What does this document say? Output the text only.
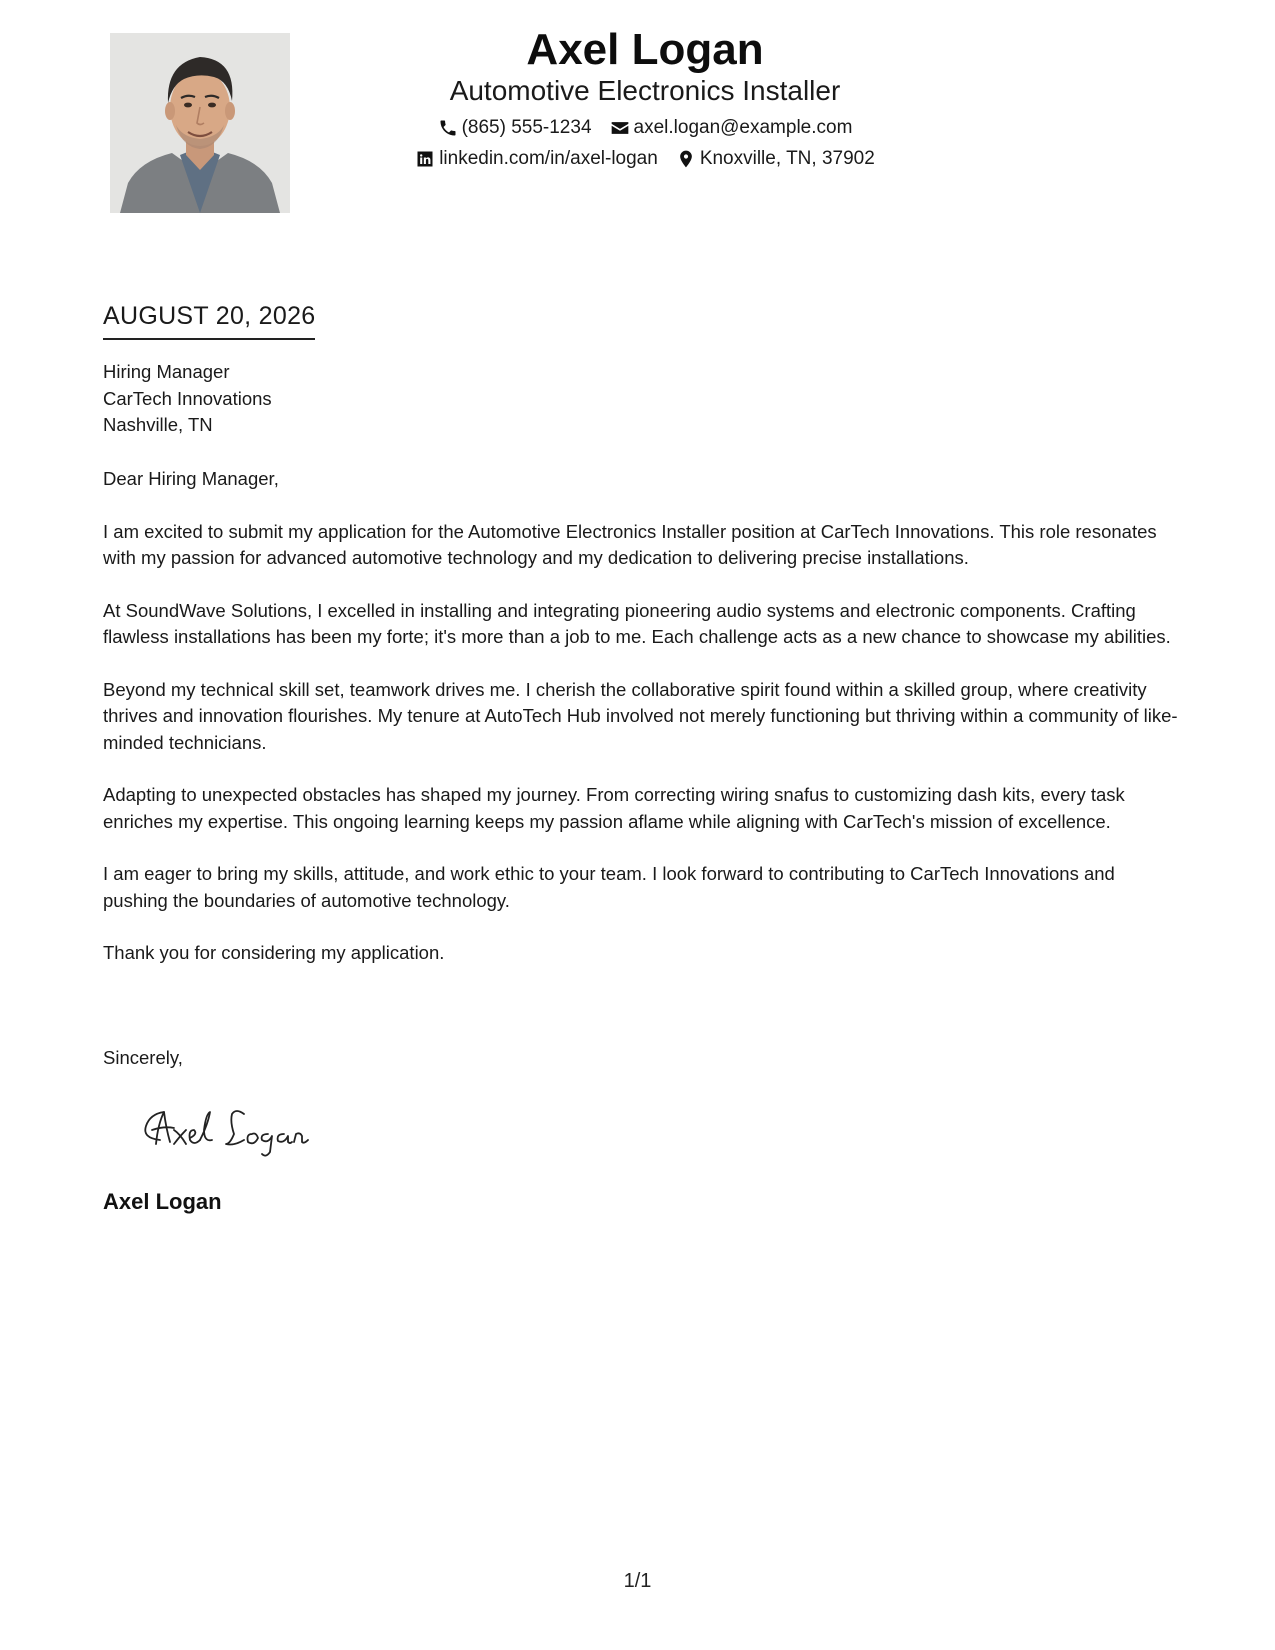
Axel Logan
Automotive Electronics Installer
(865) 555-1234 axel.logan@example.com
linkedin.com/in/axel-logan Knoxville, TN, 37902
AUGUST 20, 2026
Hiring Manager
CarTech Innovations
Nashville, TN

Dear Hiring Manager,

I am excited to submit my application for the Automotive Electronics Installer position at CarTech Innovations. This role resonates with my passion for advanced automotive technology and my dedication to delivering precise installations.

At SoundWave Solutions, I excelled in installing and integrating pioneering audio systems and electronic components. Crafting flawless installations has been my forte; it's more than a job to me. Each challenge acts as a new chance to showcase my abilities.

Beyond my technical skill set, teamwork drives me. I cherish the collaborative spirit found within a skilled group, where creativity thrives and innovation flourishes. My tenure at AutoTech Hub involved not merely functioning but thriving within a community of like-minded technicians.

Adapting to unexpected obstacles has shaped my journey. From correcting wiring snafus to customizing dash kits, every task enriches my expertise. This ongoing learning keeps my passion aflame while aligning with CarTech's mission of excellence.

I am eager to bring my skills, attitude, and work ethic to your team. I look forward to contributing to CarTech Innovations and pushing the boundaries of automotive technology.

Thank you for considering my application.

Sincerely,
Axel Logan
1/1
